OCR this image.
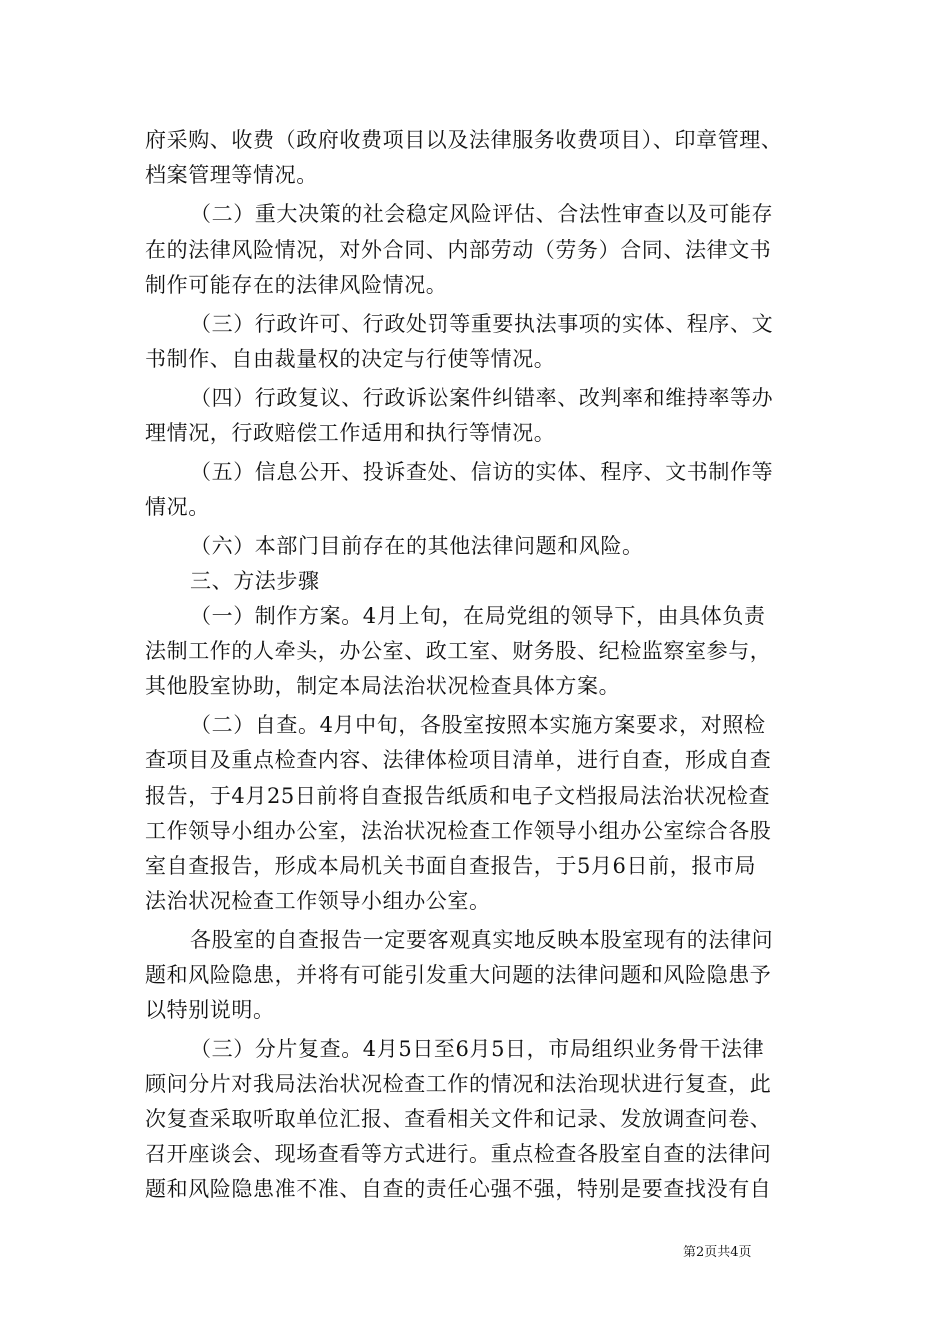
府采购、收费（政府收费项目以及法律服务收费项目）、印章管理、
档案管理等情况。
（二）重大决策的社会稳定风险评估、合法性审查以及可能存
在的法律风险情况，对外合同、内部劳动（劳务）合同、法律文书
制作可能存在的法律风险情况。
（三）行政许可、行政处罚等重要执法事项的实体、程序、文
书制作、自由裁量权的决定与行使等情况。
（四）行政复议、行政诉讼案件纠错率、改判率和维持率等办
理情况，行政赔偿工作适用和执行等情况。
（五）信息公开、投诉查处、信访的实体、程序、文书制作等
情况。
（六）本部门目前存在的其他法律问题和风险。
三、方法步骤
（一）制作方案。4月上旬，在局党组的领导下，由具体负责
法制工作的人牵头，办公室、政工室、财务股、纪检监察室参与，
其他股室协助，制定本局法治状况检查具体方案。
（二）自查。4月中旬，各股室按照本实施方案要求，对照检
查项目及重点检查内容、法律体检项目清单，进行自查，形成自查
报告，于4月25日前将自查报告纸质和电子文档报局法治状况检查
工作领导小组办公室，法治状况检查工作领导小组办公室综合各股
室自查报告，形成本局机关书面自查报告，于5月6日前，报市局
法治状况检查工作领导小组办公室。
各股室的自查报告一定要客观真实地反映本股室现有的法律问
题和风险隐患，并将有可能引发重大问题的法律问题和风险隐患予
以特别说明。
（三）分片复查。4月5日至6月5日，市局组织业务骨干法律
顾问分片对我局法治状况检查工作的情况和法治现状进行复查，此
次复查采取听取单位汇报、查看相关文件和记录、发放调查问卷、
召开座谈会、现场查看等方式进行。重点检查各股室自查的法律问
题和风险隐患准不准、自查的责任心强不强，特别是要查找没有自
第2页共4页
